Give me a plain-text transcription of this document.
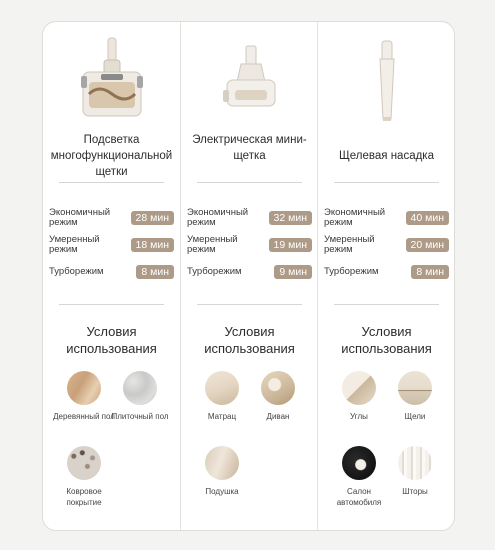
Подсветка многофункциональной щетки
Экономичный режим	28 мин
Умеренный режим	18 мин
Турборежим	8 мин
Условия использования
Деревянный пол
Плиточный пол
Ковровое покрытие
Электрическая мини-щетка
Экономичный режим	32 мин
Умеренный режим	19 мин
Турборежим	9 мин
Условия использования
Матрац	Диван
Подушка
Щелевая насадка
Экономичный режим	40 мин
Умеренный режим	20 мин
Турборежим	8 мин
Условия использования
Углы	Щели
Салон автомобиля
Шторы
